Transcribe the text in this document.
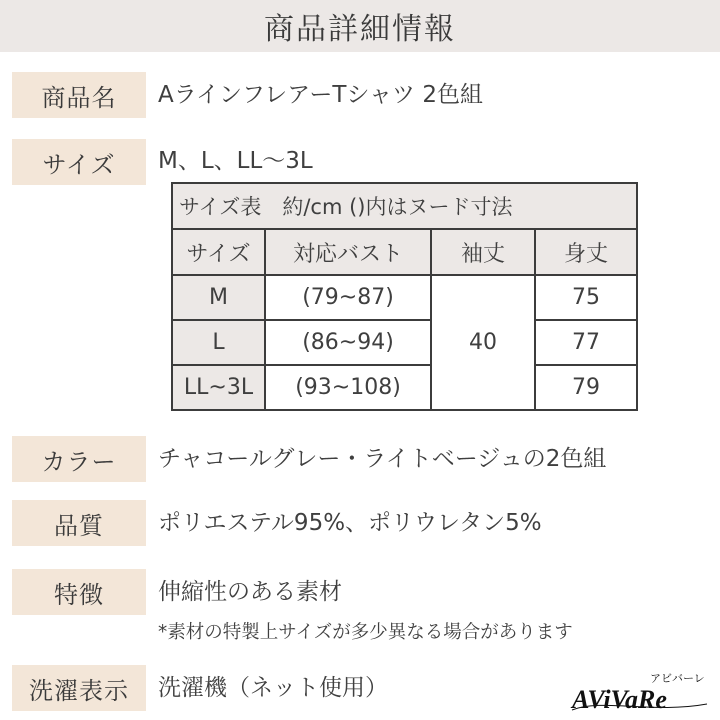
商品詳細情報
商品名	AラインフレアーTシャツ 2色組
サイズ	M、L、LL〜3L
サイズ表　約/cm ()内はヌード寸法			
サイズ	対応バスト	袖丈	身丈
M	(79~87)	40	75
L	(86~94)		77
LL~3L	(93~108)		79
カラー	チャコールグレー・ライトベージュの2色組
品質	ポリエステル95%、ポリウレタン5%
特徴	伸縮性のある素材
*素材の特製上サイズが多少異なる場合があります
洗濯表示	洗濯機（ネット使用）	アビバーレ
AViVaRe
